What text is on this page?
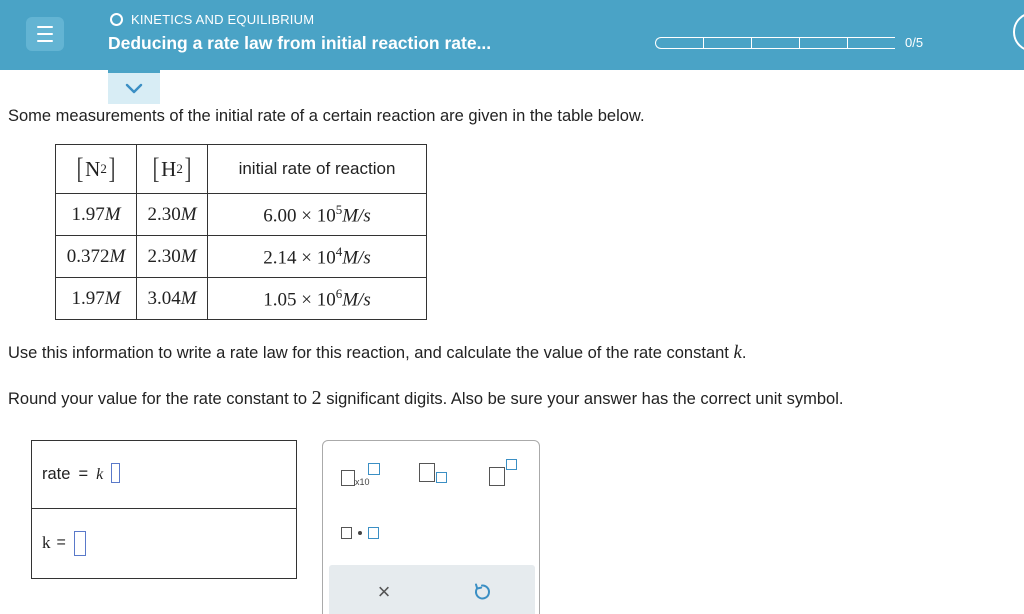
KINETICS AND EQUILIBRIUM
Deducing a rate law from initial reaction rate...	0/5
Some measurements of the initial rate of a certain reaction are given in the table below.
[ N 2 ]	[ H 2 ]	initial rate of reaction
1.97M	2.30M	$6.00 \times 10^5M/s$
0.372M	2.30M	$2.14 \times 10^4M/s$
1.97M	3.04M	$1.05 \times 10^6M/s$
Use this information to write a rate law for this reaction, and calculate the value of the rate constant k.
Round your value for the rate constant to 2 significant digits. Also be sure your answer has the correct unit symbol.
rate = k
k =
x10
×
